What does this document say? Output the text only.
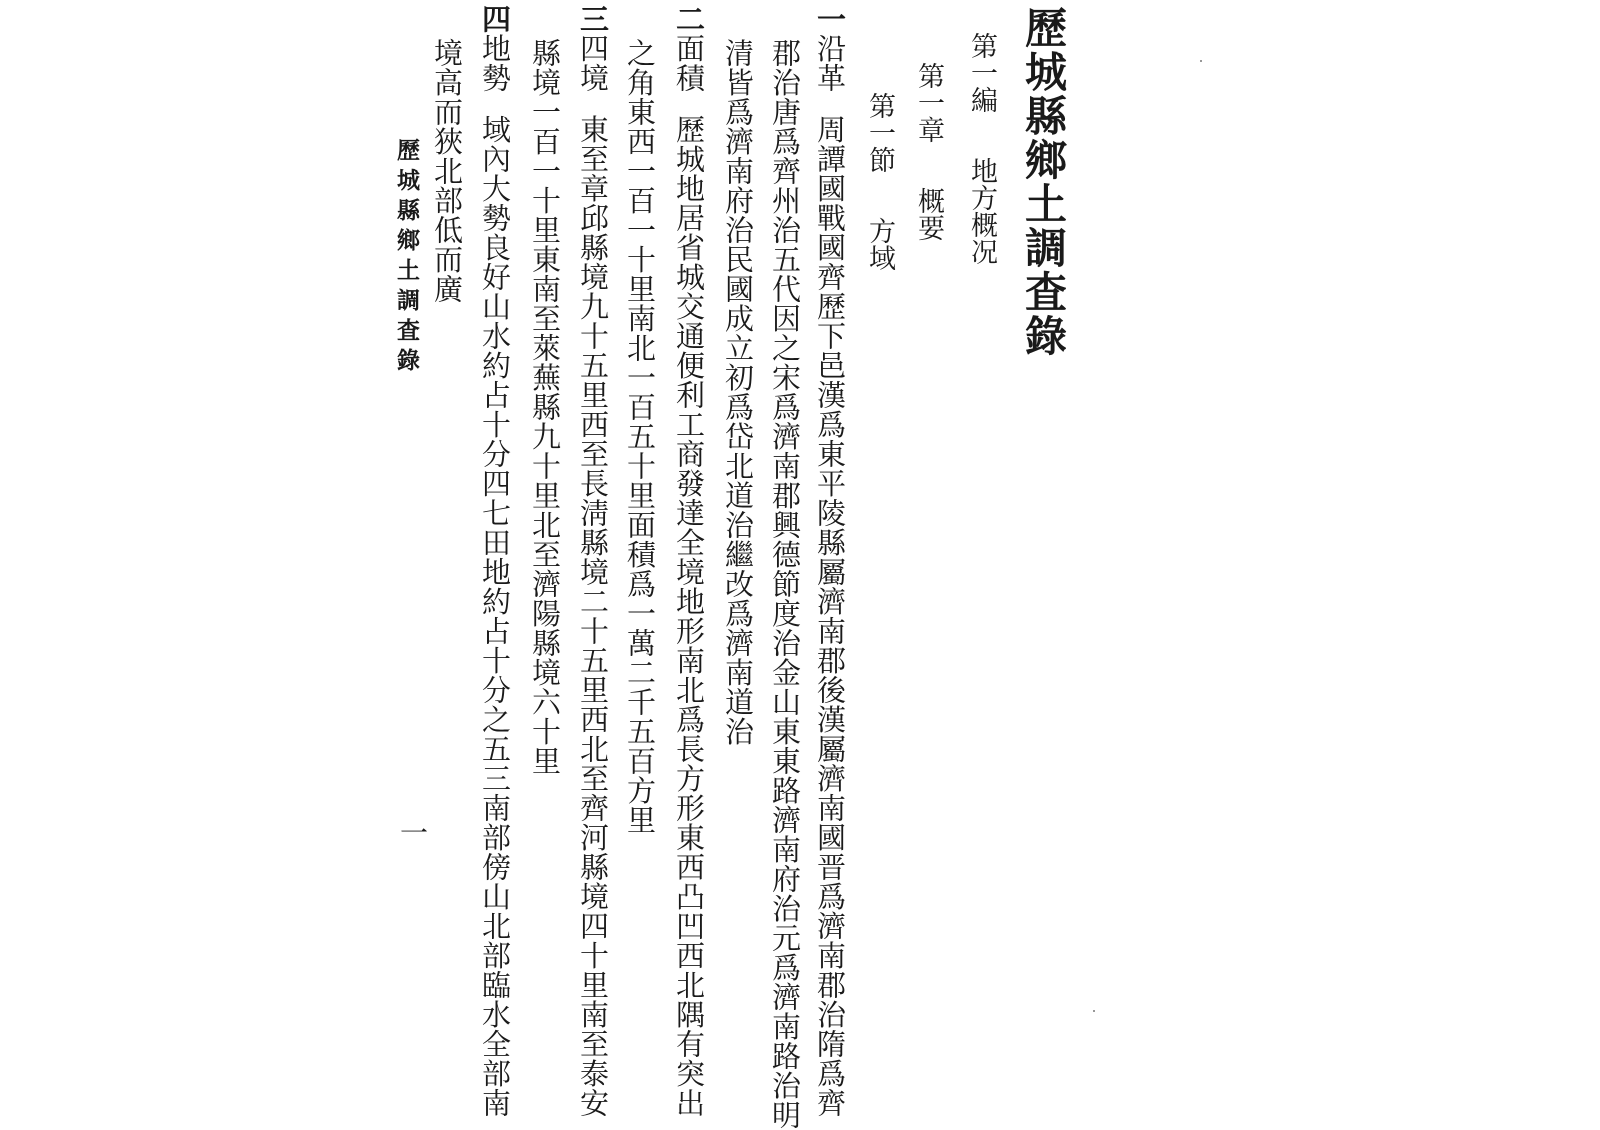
歷城縣鄉土調査錄
第一編地方概况
第一章概要
第一節方域
一沿革周譚國戰國齊歷下邑漢爲東平陵縣屬濟南郡後漢屬濟南國晋爲濟南郡治隋爲齊
郡治唐爲齊州治五代因之宋爲濟南郡興德節度治金山東東路濟南府治元爲濟南路治明
清皆爲濟南府治民國成立初爲岱北道治繼改爲濟南道治
二面積歷城地居省城交通便利工商發達全境地形南北爲長方形東西凸凹西北隅有突出
之角東西一百一十里南北一百五十里面積爲一萬二千五百方里
三四境東至章邱縣境九十五里西至長淸縣境二十五里西北至齊河縣境四十里南至泰安
縣境一百一十里東南至萊蕪縣九十里北至濟陽縣境六十里
四地勢域內大勢良好山水約占十分四七田地約占十分之五三南部傍山北部臨水全部南
境高而狹北部低而廣
歷城縣鄉土調査錄
一
